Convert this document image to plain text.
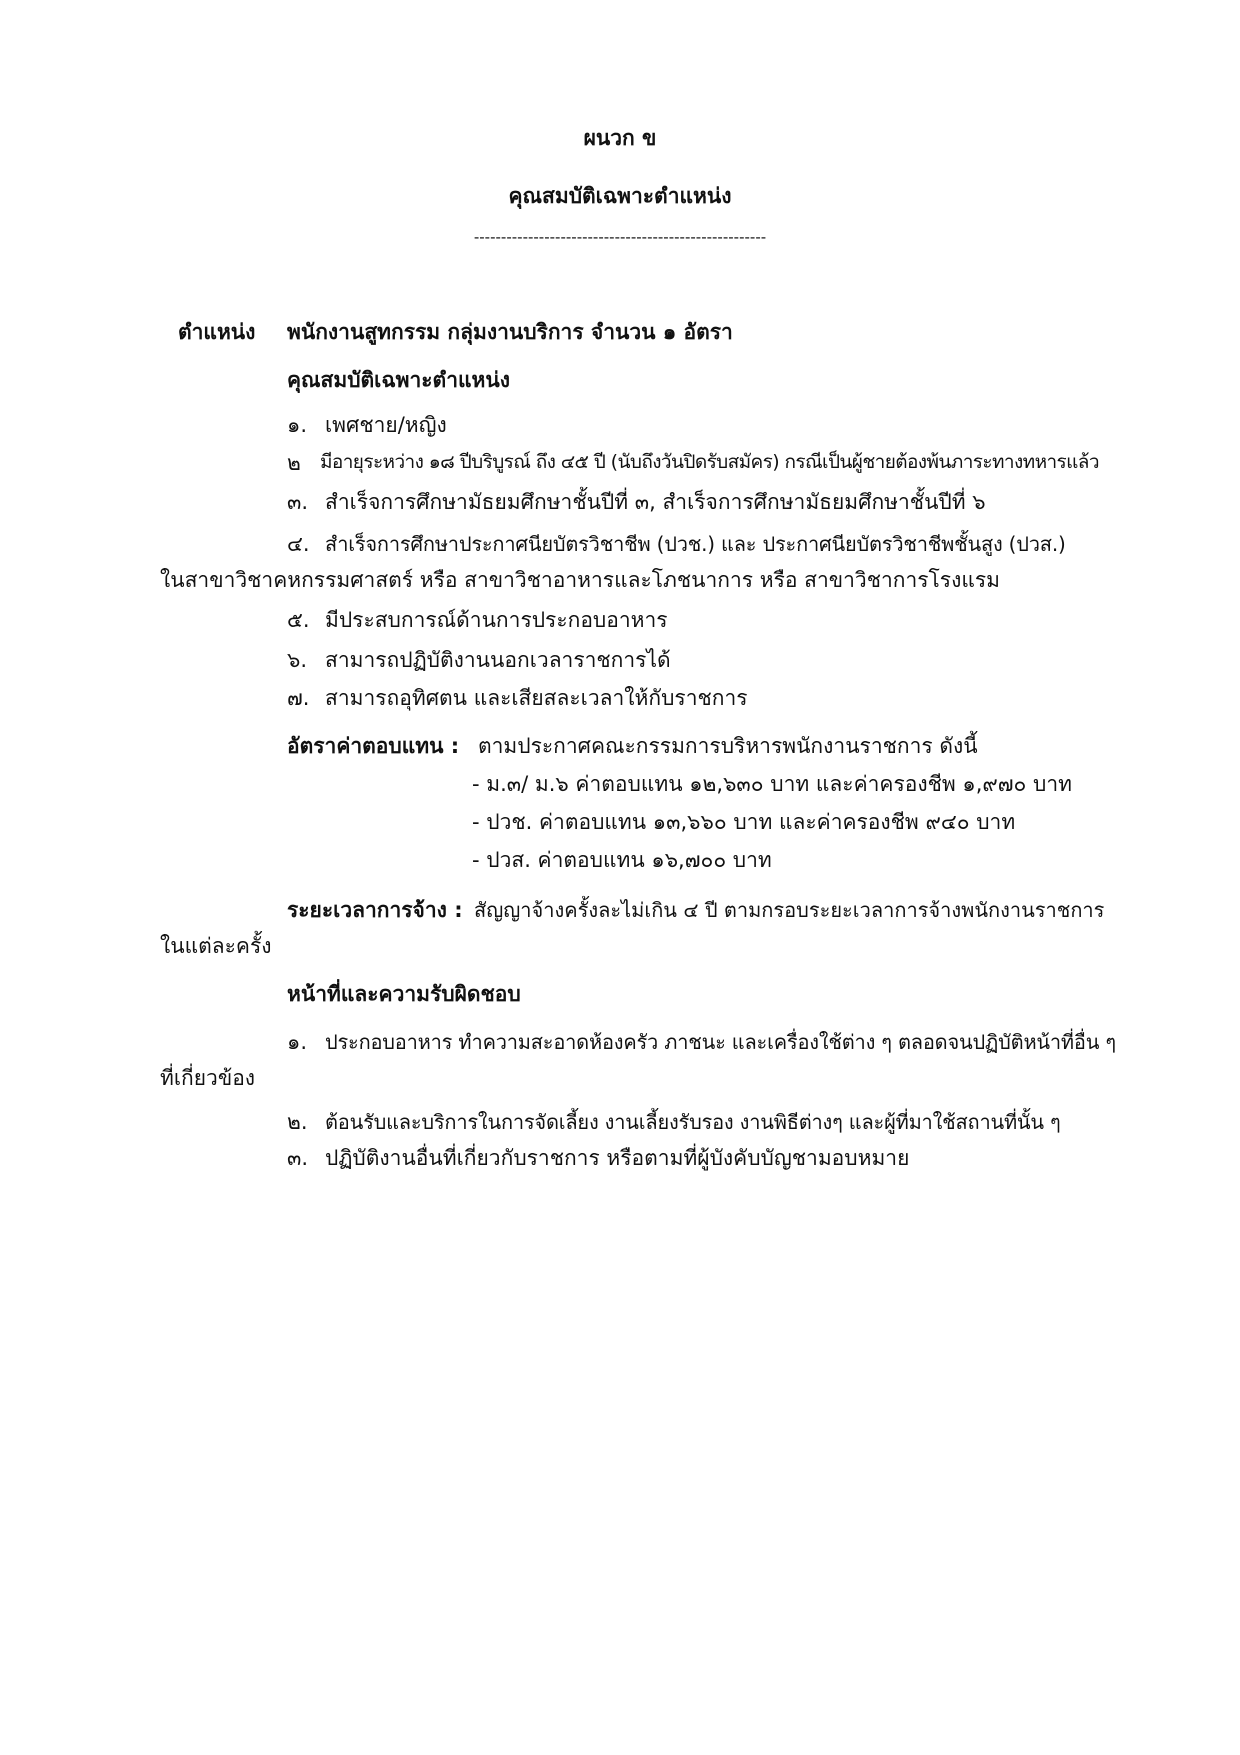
ผนวก ข
คุณสมบัติเฉพาะตำแหน่ง
------------------------------------------------------
ตำแหน่ง พนักงานสูทกรรม กลุ่มงานบริการ จำนวน ๑ อัตรา
คุณสมบัติเฉพาะตำแหน่ง
๑. เพศชาย/หญิง
๒ มีอายุระหว่าง ๑๘ ปีบริบูรณ์ ถึง ๔๕ ปี (นับถึงวันปิดรับสมัคร) กรณีเป็นผู้ชายต้องพ้นภาระทางทหารแล้ว
๓. สำเร็จการศึกษามัธยมศึกษาชั้นปีที่ ๓, สำเร็จการศึกษามัธยมศึกษาชั้นปีที่ ๖
๔. สำเร็จการศึกษาประกาศนียบัตรวิชาชีพ (ปวช.) และ ประกาศนียบัตรวิชาชีพชั้นสูง (ปวส.)
ในสาขาวิชาคหกรรมศาสตร์ หรือ สาขาวิชาอาหารและโภชนาการ หรือ สาขาวิชาการโรงแรม
๕. มีประสบการณ์ด้านการประกอบอาหาร
๖. สามารถปฏิบัติงานนอกเวลาราชการได้
๗. สามารถอุทิศตน และเสียสละเวลาให้กับราชการ
อัตราค่าตอบแทน : ตามประกาศคณะกรรมการบริหารพนักงานราชการ ดังนี้
- ม.๓/ ม.๖ ค่าตอบแทน ๑๒,๖๓๐ บาท และค่าครองชีพ ๑,๙๗๐ บาท
- ปวช. ค่าตอบแทน ๑๓,๖๖๐ บาท และค่าครองชีพ ๙๔๐ บาท
- ปวส. ค่าตอบแทน ๑๖,๗๐๐ บาท
ระยะเวลาการจ้าง : สัญญาจ้างครั้งละไม่เกิน ๔ ปี ตามกรอบระยะเวลาการจ้างพนักงานราชการ
ในแต่ละครั้ง
หน้าที่และความรับผิดชอบ
๑. ประกอบอาหาร ทำความสะอาดห้องครัว ภาชนะ และเครื่องใช้ต่าง ๆ ตลอดจนปฏิบัติหน้าที่อื่น ๆ
ที่เกี่ยวข้อง
๒. ต้อนรับและบริการในการจัดเลี้ยง งานเลี้ยงรับรอง งานพิธีต่างๆ และผู้ที่มาใช้สถานที่นั้น ๆ
๓. ปฏิบัติงานอื่นที่เกี่ยวกับราชการ หรือตามที่ผู้บังคับบัญชามอบหมาย
